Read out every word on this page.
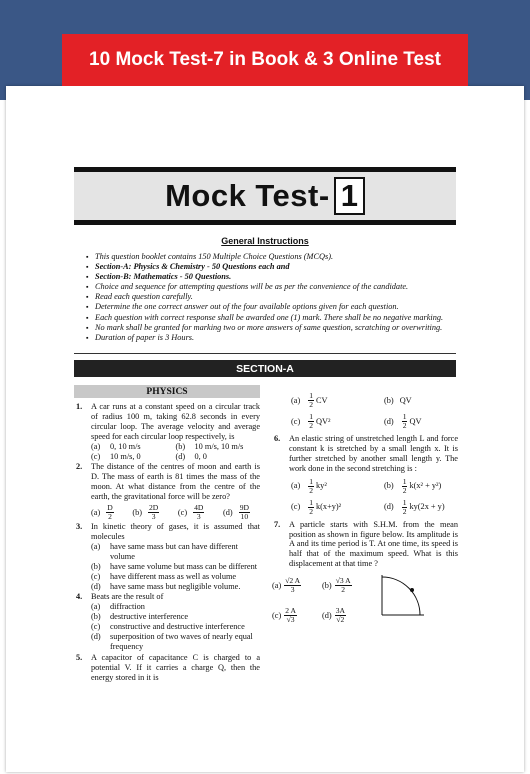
10 Mock Test-7 in Book & 3 Online Test
Mock Test- 1
General Instructions
▪ This question booklet contains 150 Multiple Choice Questions (MCQs).
▪ Section-A: Physics & Chemistry - 50 Questions each and
▪ Section-B: Mathematics - 50 Questions.
▪ Choice and sequence for attempting questions will be as per the convenience of the candidate.
▪ Read each question carefully.
▪ Determine the one correct answer out of the four available options given for each question.
▪ Each question with correct response shall be awarded one (1) mark. There shall be no negative marking.
▪ No mark shall be granted for marking two or more answers of same question, scratching or overwriting.
▪ Duration of paper is 3 Hours.
SECTION-A
PHYSICS
1. A car runs at a constant speed on a circular track of radius 100 m, taking 62.8 seconds in every circular loop. The average velocity and average speed for each circular loop respectively, is
(a) 0, 10 m/s	(b) 10 m/s, 10 m/s
(c) 10 m/s, 0	(d) 0, 0
2. The distance of the centres of moon and earth is D. The mass of earth is 81 times the mass of the moon. At what distance from the centre of the earth, the gravitational force will be zero?
$(a) \frac{D}{2} (b) \frac{2D}{3} (c) \frac{4D}{3} (d) \frac{9D}{10}$
3. In kinetic theory of gases, it is assumed that molecules
(a) have same mass but can have different volume
(b) have same volume but mass can be different
(c) have different mass as well as volume
(d) have same mass but negligible volume.
4. Beats are the result of
(a) diffraction
(b) destructive interference
(c) constructive and destructive interference
(d) superposition of two waves of nearly equal frequency
5. A capacitor of capacitance C is charged to a potential V. If it carries a charge Q, then the energy stored in it is
$(a) \frac{1}{2}$ CV	(b) QV
$(c) \frac{1}{2} QV^2$	$(d) \frac{1}{2}$ QV
6. An elastic string of unstretched length L and force constant k is stretched by a small length x. It is further stretched by another small length y. The work done in the second stretching is :
$(a) \frac{1}{2} ky^2$	$(b) \frac{1}{2} k(x^2 + y^2)$
$(c) \frac{1}{2} k(x+y)^2$	$(d) \frac{1}{2} ky(2x + y)$
7. A particle starts with S.H.M. from the mean position as shown in figure below. Its amplitude is A and its time period is T. At one time, its speed is half that of the maximum speed. What is this displacement at that time ?
$(a) \frac{√2 A}{3}$	$(b) \frac{√3 A}{2}$
$(c) \frac{2 A}{√3}$	$(d) \frac{3A}{√2}$
